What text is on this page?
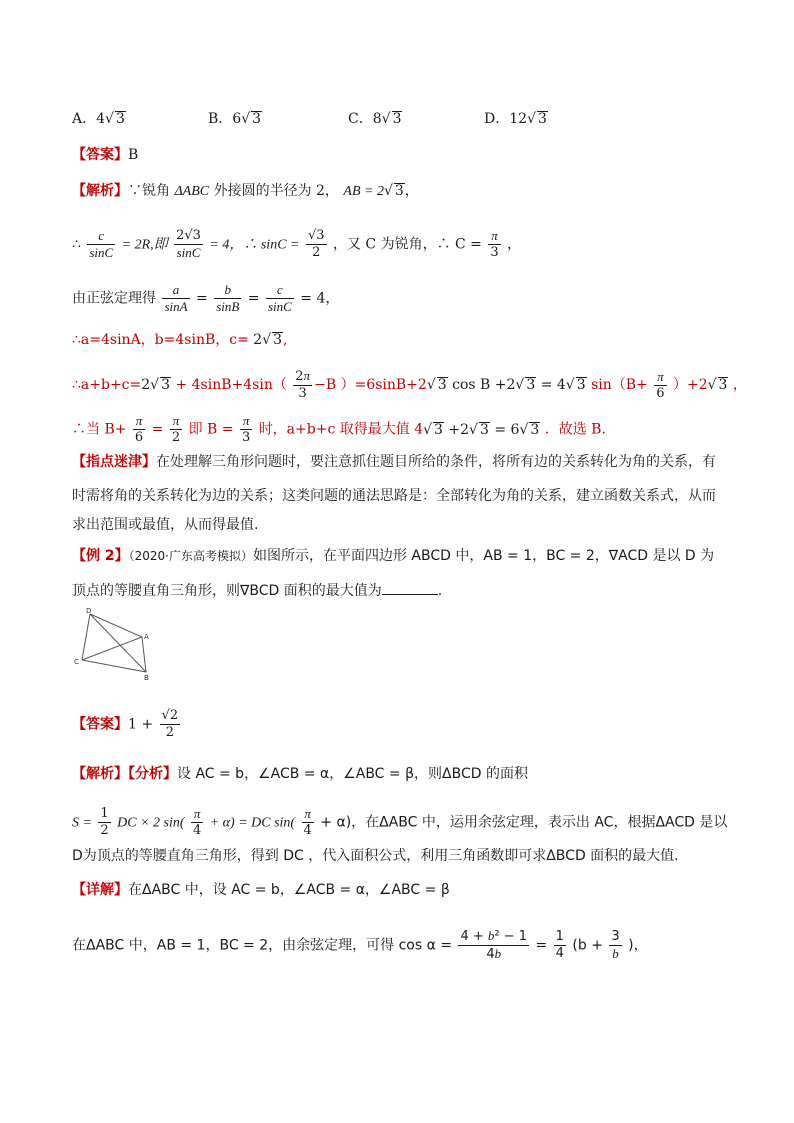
A．4√ 3	B．6√ 3	C．8√ 3	D．12√ 3
【答案】B
【解析】∵锐角 ΔABC 外接圆的半径为 2， AB = 2√ 3，
∴ $\frac{c}{\sin C} = 2R$,即 $\frac{2√3}{\sin C} = 4$，∴ $\sin C = \frac{√3}{2}$ ，又 C 为锐角，∴ $C = \frac{\pi}{3}$ ，
由正弦定理得 $\frac{a}{\sin A} = \frac{b}{\sin B} = \frac{c}{\sin C} = 4$，
∴a=4sinA，b=4sinB，c= 2√ 3,
∴a+b+c=2√ $3 + 4\sin B+4\sin( \frac{2\pi}{3} -B$ ）=6sinB+2√ 3 cos B +2√ 3 = 4√ 3 $\sin(B+ \frac{\pi}{6} )+2√$ 3 ，
∴当 $B+ \frac{\pi}{6} = \frac{\pi}{2}$ 即 $B = \frac{\pi}{3}$ 时，a+b+c 取得最大值 4√ 3 +2√ 3 = 6√ 3 ．故选 B.
【指点迷津】在处理解三角形问题时，要注意抓住题目所给的条件，将所有边的关系转化为角的关系，有
时需将角的关系转化为边的关系；这类问题的通法思路是：全部转化为角的关系，建立函数关系式，从而
求出范围或最值，从而得最值.
【例 2】（2020·广东高考模拟）如图所示，在平面四边形 ABCD 中，AB = 1，BC = 2，∇ACD 是以 D 为
顶点的等腰直角三角形，则∇BCD 面积的最大值为	.
D
A
C
B
【答案】$1 + \frac{√2}{2}$
【解析】【分析】设 AC = b，∠ACB = α，∠ABC = β，则ΔBCD 的面积
$S = \frac{1}{2}$ DC × 2 $\sin( \frac{\pi}{4} + \alpha)$ = DC $\sin( \frac{\pi}{4} + \alpha)$，在ΔABC 中，运用余弦定理，表示出 AC，根据ΔACD 是以
D为顶点的等腰直角三角形，得到 DC ，代入面积公式，利用三角函数即可求ΔBCD 面积的最大值.
【详解】在ΔABC 中，设 AC = b，∠ACB = α，∠ABC = β
在ΔABC 中，AB = 1，BC = 2，由余弦定理，可得 $\cos \alpha = \frac{\text{4 + b² − 1}}{4b} = \frac{1}{4} (b + \frac{3}{b}$ )，
